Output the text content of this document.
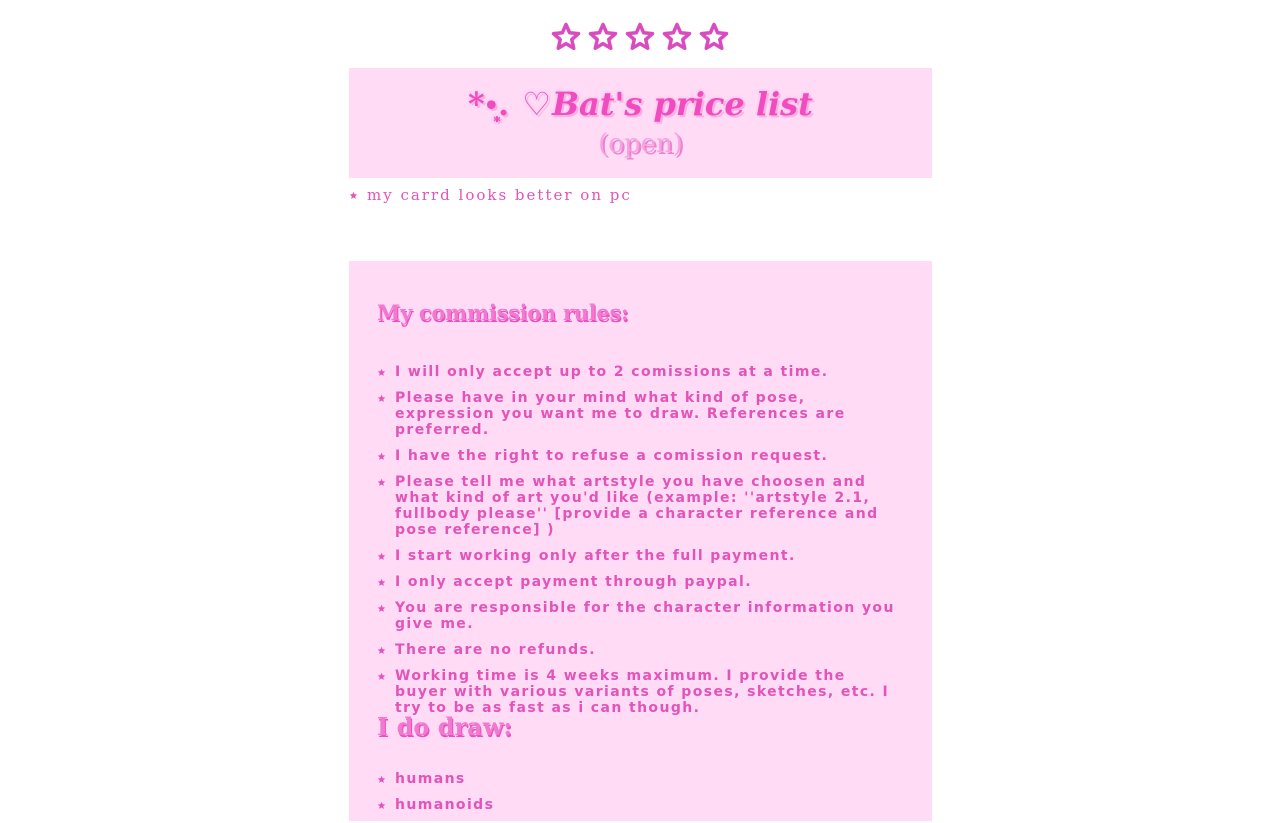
*•̩̩͙. ♡Bat's price list
(open)
my carrd looks better on pc
My commission rules:
I will only accept up to 2 comissions at a time.
Please have in your mind what kind of pose, expression you want me to draw. References are preferred.
I have the right to refuse a comission request.
Please tell me what artstyle you have choosen and what kind of art you'd like (example: ''artstyle 2.1, fullbody please'' [provide a character reference and pose reference] )
I start working only after the full payment.
I only accept payment through paypal.
You are responsible for the character information you give me.
There are no refunds.
Working time is 4 weeks maximum. I provide the buyer with various variants of poses, sketches, etc. I try to be as fast as i can though.
I do draw:
humans
humanoids
